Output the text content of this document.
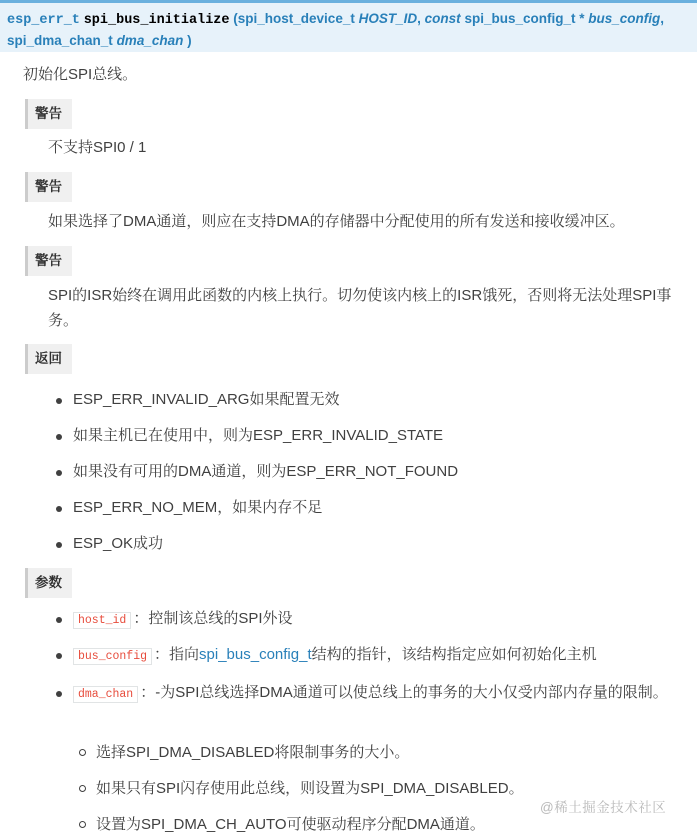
esp_err_t spi_bus_initialize (spi_host_device_t HOST_ID, const spi_bus_config_t * bus_config,
spi_dma_chan_t dma_chan )
初始化SPI总线。
警告
不支持SPI0 / 1
警告
如果选择了DMA通道，则应在支持DMA的存储器中分配使用的所有发送和接收缓冲区。
警告
SPI的ISR始终在调用此函数的内核上执行。切勿使该内核上的ISR饿死，否则将无法处理SPI事务。
返回
ESP_ERR_INVALID_ARG如果配置无效
如果主机已在使用中，则为ESP_ERR_INVALID_STATE
如果没有可用的DMA通道，则为ESP_ERR_NOT_FOUND
ESP_ERR_NO_MEM，如果内存不足
ESP_OK成功
参数
host_id ：控制该总线的SPI外设
bus_config ：指向spi_bus_config_t结构的指针，该结构指定应如何初始化主机
dma_chan ：-为SPI总线选择DMA通道可以使总线上的事务的大小仅受内部内存量的限制。
选择SPI_DMA_DISABLED将限制事务的大小。
如果只有SPI闪存使用此总线，则设置为SPI_DMA_DISABLED。
设置为SPI_DMA_CH_AUTO可使驱动程序分配DMA通道。
@稀土掘金技术社区
